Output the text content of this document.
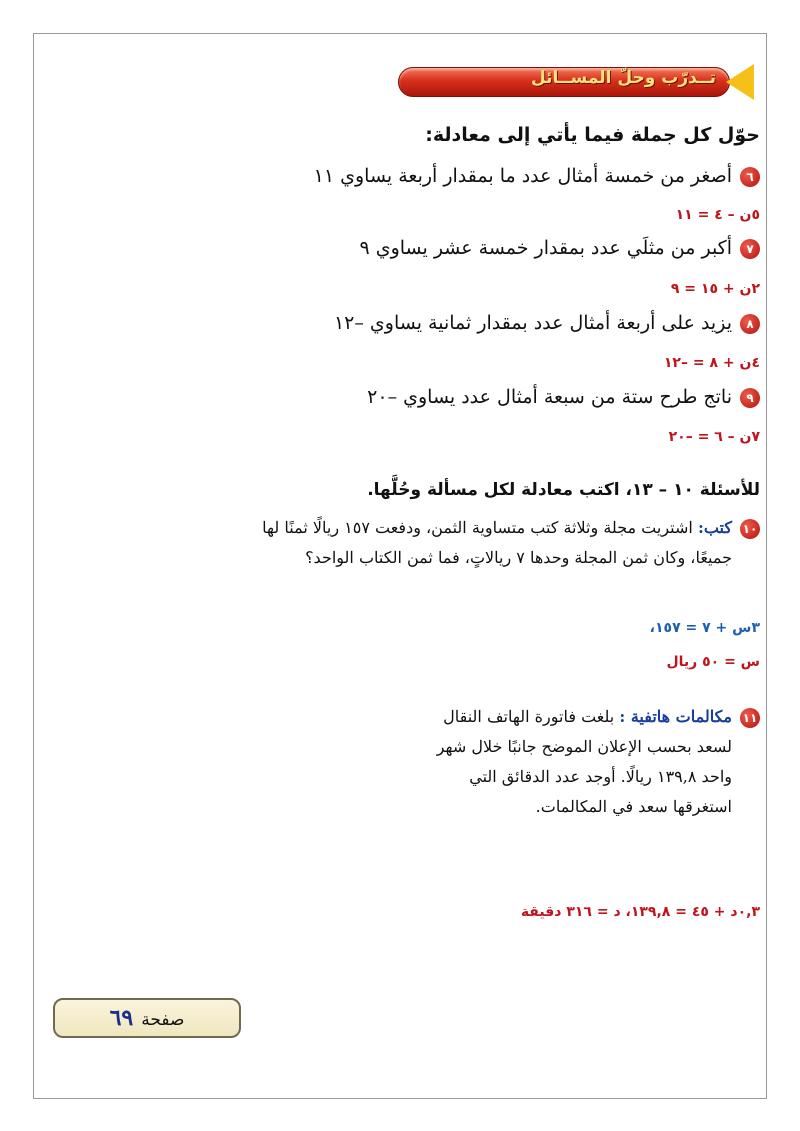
تــدرّب وحلّ المســائل
حوّل كل جملة فيما يأتي إلى معادلة:
٦أصغر من خمسة أمثال عدد ما بمقدار أربعة يساوي ١١
٥ن – ٤ = ١١
٧أكبر من مثلَي عدد بمقدار خمسة عشر يساوي ٩
٢ن + ١٥ = ٩
٨يزيد على أربعة أمثال عدد بمقدار ثمانية يساوي –١٢
٤ن + ٨ = –١٢
٩ناتج طرح ستة من سبعة أمثال عدد يساوي –٢٠
٧ن – ٦ = –٢٠
للأسئلة ١٠ – ١٣، اكتب معادلة لكل مسألة وحُلَّها.
١٠كتب: اشتريت مجلة وثلاثة كتب متساوية الثمن، ودفعت ١٥٧ ريالًا ثمنًا لها
جميعًا، وكان ثمن المجلة وحدها ٧ ريالاتٍ، فما ثمن الكتاب الواحد؟
٣س + ٧ = ١٥٧،
س = ٥٠ ريال
١١مكالمات هاتفية : بلغت فاتورة الهاتف النقال
لسعد بحسب الإعلان الموضح جانبًا خلال شهر
واحد ١٣٩,٨ ريالًا. أوجد عدد الدقائق التي
استغرقها سعد في المكالمات.
٠,٣د + ٤٥ = ١٣٩,٨، د = ٣١٦ دقيقة
صفحة٦٩
